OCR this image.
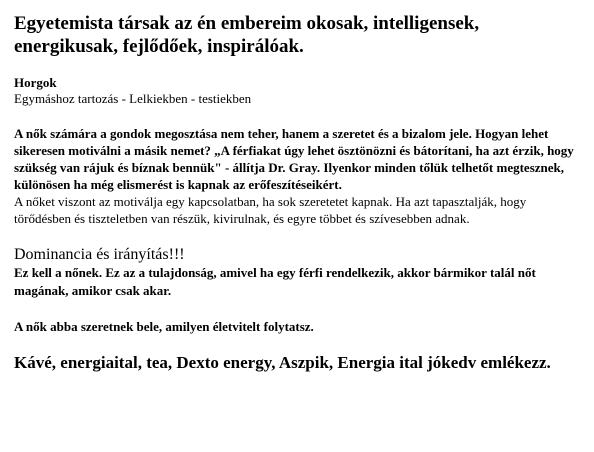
Egyetemista társak az én embereim okosak, intelligensek, energikusak, fejlődőek, inspirálóak.
Horgok
Egymáshoz tartozás - Lelkiekben - testiekben

A nők számára a gondok megosztása nem teher, hanem a szeretet és a bizalom jele. Hogyan lehet sikeresen motiválni a másik nemet? „A férfiakat úgy lehet ösztönözni és bátorítani, ha azt érzik, hogy szükség van rájuk és bíznak bennük" - állítja Dr. Gray. Ilyenkor minden tőlük telhetőt megtesznek, különösen ha még elismerést is kapnak az erőfeszítéseikért.

A nőket viszont az motiválja egy kapcsolatban, ha sok szeretetet kapnak. Ha azt tapasztalják, hogy törődésben és tiszteletben van részük, kivirulnak, és egyre többet és szívesebben adnak.

Dominancia és irányítás!!!

Ez kell a nőnek. Ez az a tulajdonság, amivel ha egy férfi rendelkezik, akkor bármikor talál nőt magának, amikor csak akar.

A nők abba szeretnek bele, amilyen életvitelt folytatsz.

Kávé, energiaital, tea, Dexto energy, Aszpik, Energia ital jókedv emlékezz.
